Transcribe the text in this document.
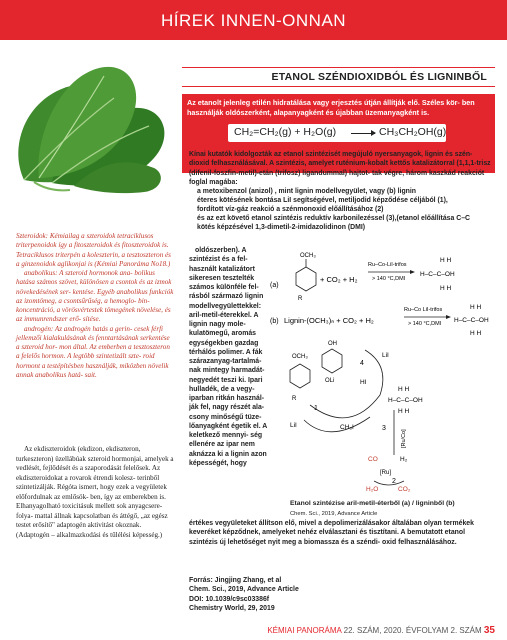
HÍREK INNEN-ONNAN

Szteroidok: Kémiailag a szteroidok tetraciklusos triterpenoidok így a fitoszteroidok és fitoszteroidok is. Tetraciklusos triterpén a koleszterin, a tesztoszteron és a ginzenoidok aglikonjai is (Kémiai Panoráma No18.)

anabolikus: A szteroid hormonok ana- bolikus hatása számos szövet, különösen a csontok és az izmok növekedésének ser- kentése. Egyéb anabolikus funkciók az izomtömeg, a csontsűrűség, a hemoglo- bin-koncentráció, a vörösvértestek tömegének növelése, és az immunrendszer erő- sítése.

androgén: Az androgén hatás a gerin- cesek férfi jellemzői kialakulásának és fenntartásának serkentése a szteroid hor- mon által. Az emberben a tesztoszteron a felelős hormon. A legtöbb szintetizált szte- roid hormont a testépítésben használják, miközben növelik annak anabolikus hatá- sait.

Az ekdiszteroidok (ekdizon, ekdiszteron, turkeszteron) üzellábúak szteroid hormonjai, amelyek a vedlését, fejlődését és a szaporodását felelősek. Az ekdiszteroidokat a rovarok étrendi kolesz- terinből szintetizálják. Régóta ismert, hogy ezek a vegyületek előfordulnak az emlősök- ben, így az emberekben is. Elhanyagolható toxicitásuk mellett sok anyagcsere-folya- mattal állnak kapcsolatban és áttégő, „az egész testet erősítő" adaptogén aktivitást okoznak. (Adaptogén – alkalmazkodási és tűlélési képesség.)

ETANOL SZÉNDIOXIDBÓL ÉS LIGNINBŐL
Az etanolt jelenleg etilén hidratálása vagy erjesztés útján állítják elő. Széles kör- ben használják oldószerként, alapanyagként és újabban üzemanyagként is.
CH₂=CH₂(g) + H₂O(g) → CH₃CH₂OH(g)
Kínai kutatók kidolgozták az etanol szintézisét megújuló nyersanyagok, lignin és szén-dioxid felhasználásával. A szintézis, amelyet ruténium-kobalt kettős katalizátorral (1,1,1-trisz (difenil-foszfin-metil)-etán (trifosz) ligandummal) hajtot- tak végre, három kaszkád reakciót foglal magába:
a metoxibenzol (anizol) , mint lignin modellvegyület, vagy (b) lignin
éteres kötésének bontása LiI segítségével, metiljodid képződése céljából (1),
fordított víz-gáz reakció a szénmonoxid előállításához (2)
és az ezt követő etanol szintézis reduktív karbonilezéssel (3),(etanol előállítása C–C
kötés képzésével 1,3-dimetil-2-imidazolidinon (DMI)

oldószerben). A szintézist és a fel- használt katalizátort sikeresen tesztelték számos különféle fel- rásból származó lignin modellvegyülettekkel: aril-metil-éterekkel. A lignin nagy mole- kulatömegű, aromás egységekben gazdag térhálós polimer. A fák szárazanyag-tartalmá- nak mintegy harmadát- negyedét teszi ki. Ipari hulladék, de a vegy- iparban ritkán használ- ják fel, nagy részét ala- csony minőségű tüze- lőanyagként égetik el. A keletkező mennyi- ség ellenére az ipar nem aknázza ki a lignin azon képességét, hogy

(a)
OCH₃
R
+ CO₂ + H₂
Ru–Co-LiI-trifos
> 140 °C,DMI
H H
H–C–C–OH
H H
(b) Lignin-(OCH₃)ₙ + CO₂ + H₂
Ru–Co LiI-trifos
> 140 °C,DMI
H H
H–C–C–OH
H H
OCH₃
R
OH
OLi
LiI
HI
LiI	CH₃I
1
4
3
2
H H
H–C–C–OH
H H
[Ru/Co]
CO	H₂
[Ru]
H₂O	CO₂
Etanol szintézise aril-metil-éterből (a) / ligninből (b)
Chem. Sci., 2019, Advance Article
értékes vegyületeket állítson elő, mivel a depolimerizálásakor általában olyan termékek keveréket képződnek, amelyeket nehéz elválasztani és tisztítani. A bemutatott etanol szintézis új lehetőséget nyit meg a biomassza és a széndi- oxid felhasználásához.
Forrás: Jingjing Zhang, et al
Chem. Sci., 2019, Advance Article
DOI: 10.1039/c9sc03386f
Chemistry World, 29, 2019
KÉMIAI PANORÁMA 22. SZÁM, 2020. ÉVFOLYAM 2. SZÁM 35
